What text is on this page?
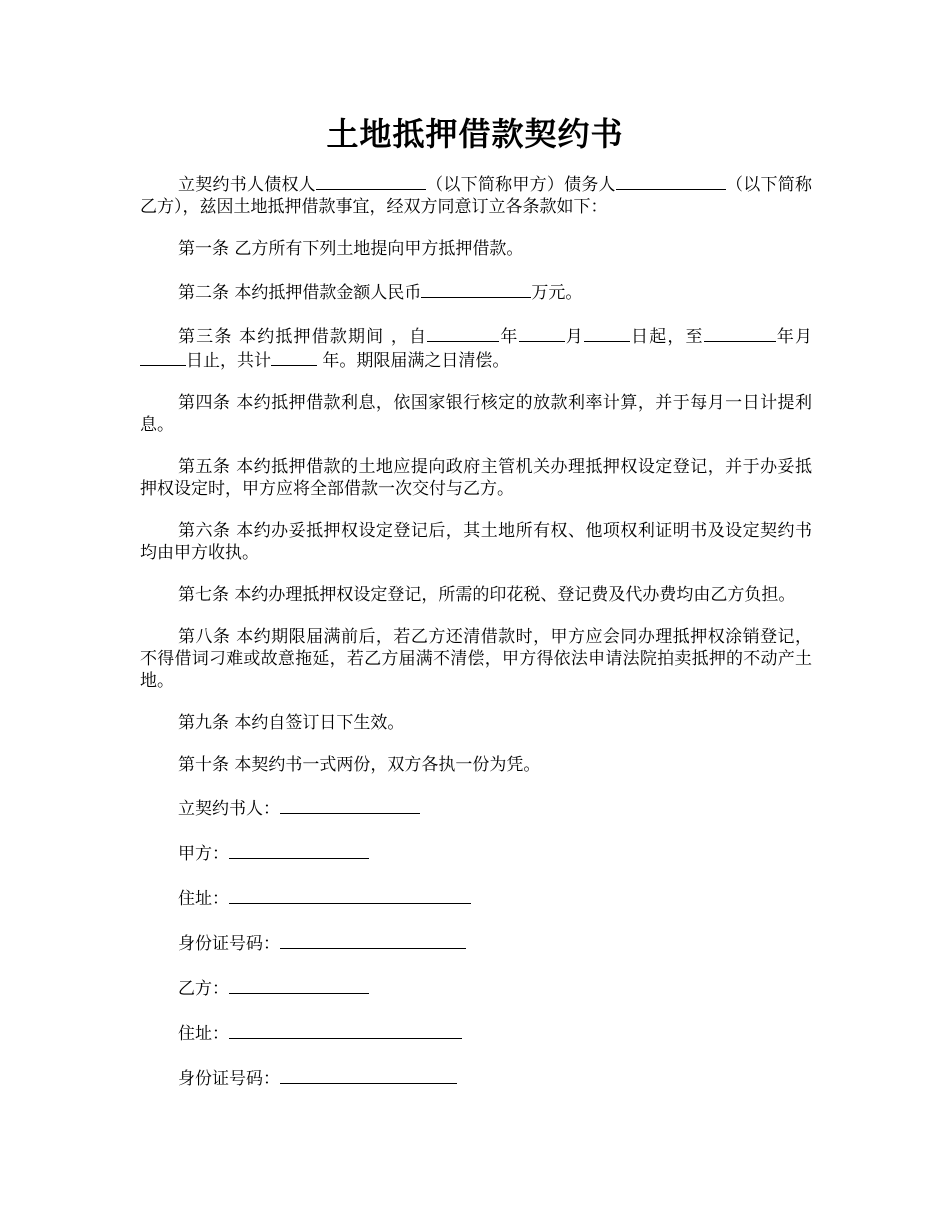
土地抵押借款契约书

立契约书人债权人	（以下简称甲方）债务人	（以下简称乙方），兹因土地抵押借款事宜，经双方同意订立各条款如下：

第一条 乙方所有下列土地提向甲方抵押借款。

第二条 本约抵押借款金额人民币	万元。

第三条 本约抵押借款期间 ，自	年	月	日起，至	年月日止，共计	年。期限届满之日清偿。

第四条 本约抵押借款利息，依国家银行核定的放款利率计算，并于每月一日计提利息。

第五条 本约抵押借款的土地应提向政府主管机关办理抵押权设定登记，并于办妥抵押权设定时，甲方应将全部借款一次交付与乙方。

第六条 本约办妥抵押权设定登记后，其土地所有权、他项权利证明书及设定契约书均由甲方收执。

第七条 本约办理抵押权设定登记，所需的印花税、登记费及代办费均由乙方负担。

第八条 本约期限届满前后，若乙方还清借款时，甲方应会同办理抵押权涂销登记，不得借词刁难或故意拖延，若乙方届满不清偿，甲方得依法申请法院拍卖抵押的不动产土地。

第九条 本约自签订日下生效。

第十条 本契约书一式两份，双方各执一份为凭。

立契约书人：

甲方：

住址：

身份证号码：

乙方：

住址：

身份证号码：
